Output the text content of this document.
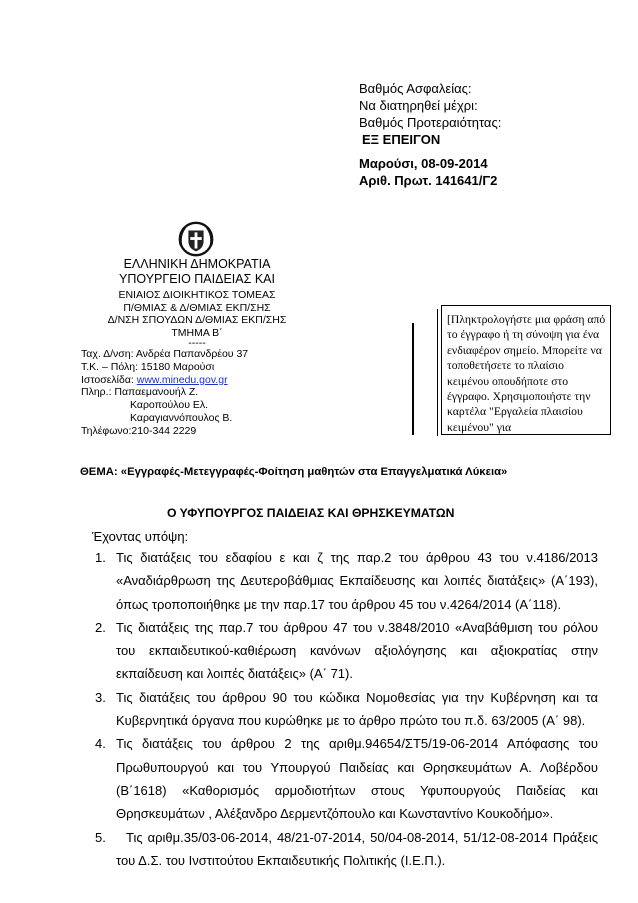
Βαθμός Ασφαλείας:
Να διατηρηθεί μέχρι:
Βαθμός Προτεραιότητας:
ΕΞ ΕΠΕΙΓΟΝ
Μαρούσι, 08-09-2014
Αριθ. Πρωτ. 141641/Γ2
ΕΛΛΗΝΙΚΗ ΔΗΜΟΚΡΑΤΙΑ
ΥΠΟΥΡΓΕΙΟ ΠΑΙΔΕΙΑΣ ΚΑΙ
ΕΝΙΑΙΟΣ ΔΙΟΙΚΗΤΙΚΟΣ ΤΟΜΕΑΣ
Π/ΘΜΙΑΣ & Δ/ΘΜΙΑΣ ΕΚΠ/ΣΗΣ
Δ/ΝΣΗ ΣΠΟΥΔΩΝ Δ/ΘΜΙΑΣ ΕΚΠ/ΣΗΣ
ΤΜΗΜΑ Β΄
-----
Ταχ. Δ/νση: Ανδρέα Παπανδρέου 37
Τ.Κ. – Πόλη: 15180 Μαρούσι
Ιστοσελίδα: www.minedu.gov.gr
Πληρ.: Παπαεμανουήλ Ζ.
Καροπούλου Ελ.
Καραγιαννόπουλος Β.
Τηλέφωνο:210-344 2229
[Πληκτρολογήστε μια φράση από το έγγραφο ή τη σύνοψη για ένα ενδιαφέρον σημείο. Μπορείτε να τοποθετήσετε το πλαίσιο κειμένου οπουδήποτε στο έγγραφο. Χρησιμοποιήστε την καρτέλα "Εργαλεία πλαισίου κειμένου" για
ΘΕΜΑ: «Εγγραφές-Μετεγγραφές-Φοίτηση μαθητών στα Επαγγελματικά Λύκεια»
Ο ΥΦΥΠΟΥΡΓΟΣ ΠΑΙΔΕΙΑΣ ΚΑΙ ΘΡΗΣΚΕΥΜΑΤΩΝ
Έχοντας υπόψη:
1. Τις διατάξεις του εδαφίου ε και ζ της παρ.2 του άρθρου 43 του ν.4186/2013 «Αναδιάρθρωση της Δευτεροβάθμιας Εκπαίδευσης και λοιπές διατάξεις» (Α΄193), όπως τροποποιήθηκε με την παρ.17 του άρθρου 45 του ν.4264/2014 (Α΄118).
2. Τις διατάξεις της παρ.7 του άρθρου 47 του ν.3848/2010 «Αναβάθμιση του ρόλου του εκπαιδευτικού-καθιέρωση κανόνων αξιολόγησης και αξιοκρατίας στην εκπαίδευση και λοιπές διατάξεις» (Α΄ 71).
3. Τις διατάξεις του άρθρου 90 του κώδικα Νομοθεσίας για την Κυβέρνηση και τα Κυβερνητικά όργανα που κυρώθηκε με το άρθρο πρώτο του π.δ. 63/2005 (Α΄ 98).
4. Τις διατάξεις του άρθρου 2 της αριθμ.94654/ΣΤ5/19-06-2014 Απόφασης του Πρωθυπουργού και του Υπουργού Παιδείας και Θρησκευμάτων Α. Λοβέρδου (Β΄1618) «Καθορισμός αρμοδιοτήτων στους Υφυπουργούς Παιδείας και Θρησκευμάτων , Αλέξανδρο Δερμεντζόπουλο και Κωνσταντίνο Κουκοδήμο».
5. Τις αριθμ.35/03-06-2014, 48/21-07-2014, 50/04-08-2014, 51/12-08-2014 Πράξεις του Δ.Σ. του Ινστιτούτου Εκπαιδευτικής Πολιτικής (Ι.Ε.Π.).
